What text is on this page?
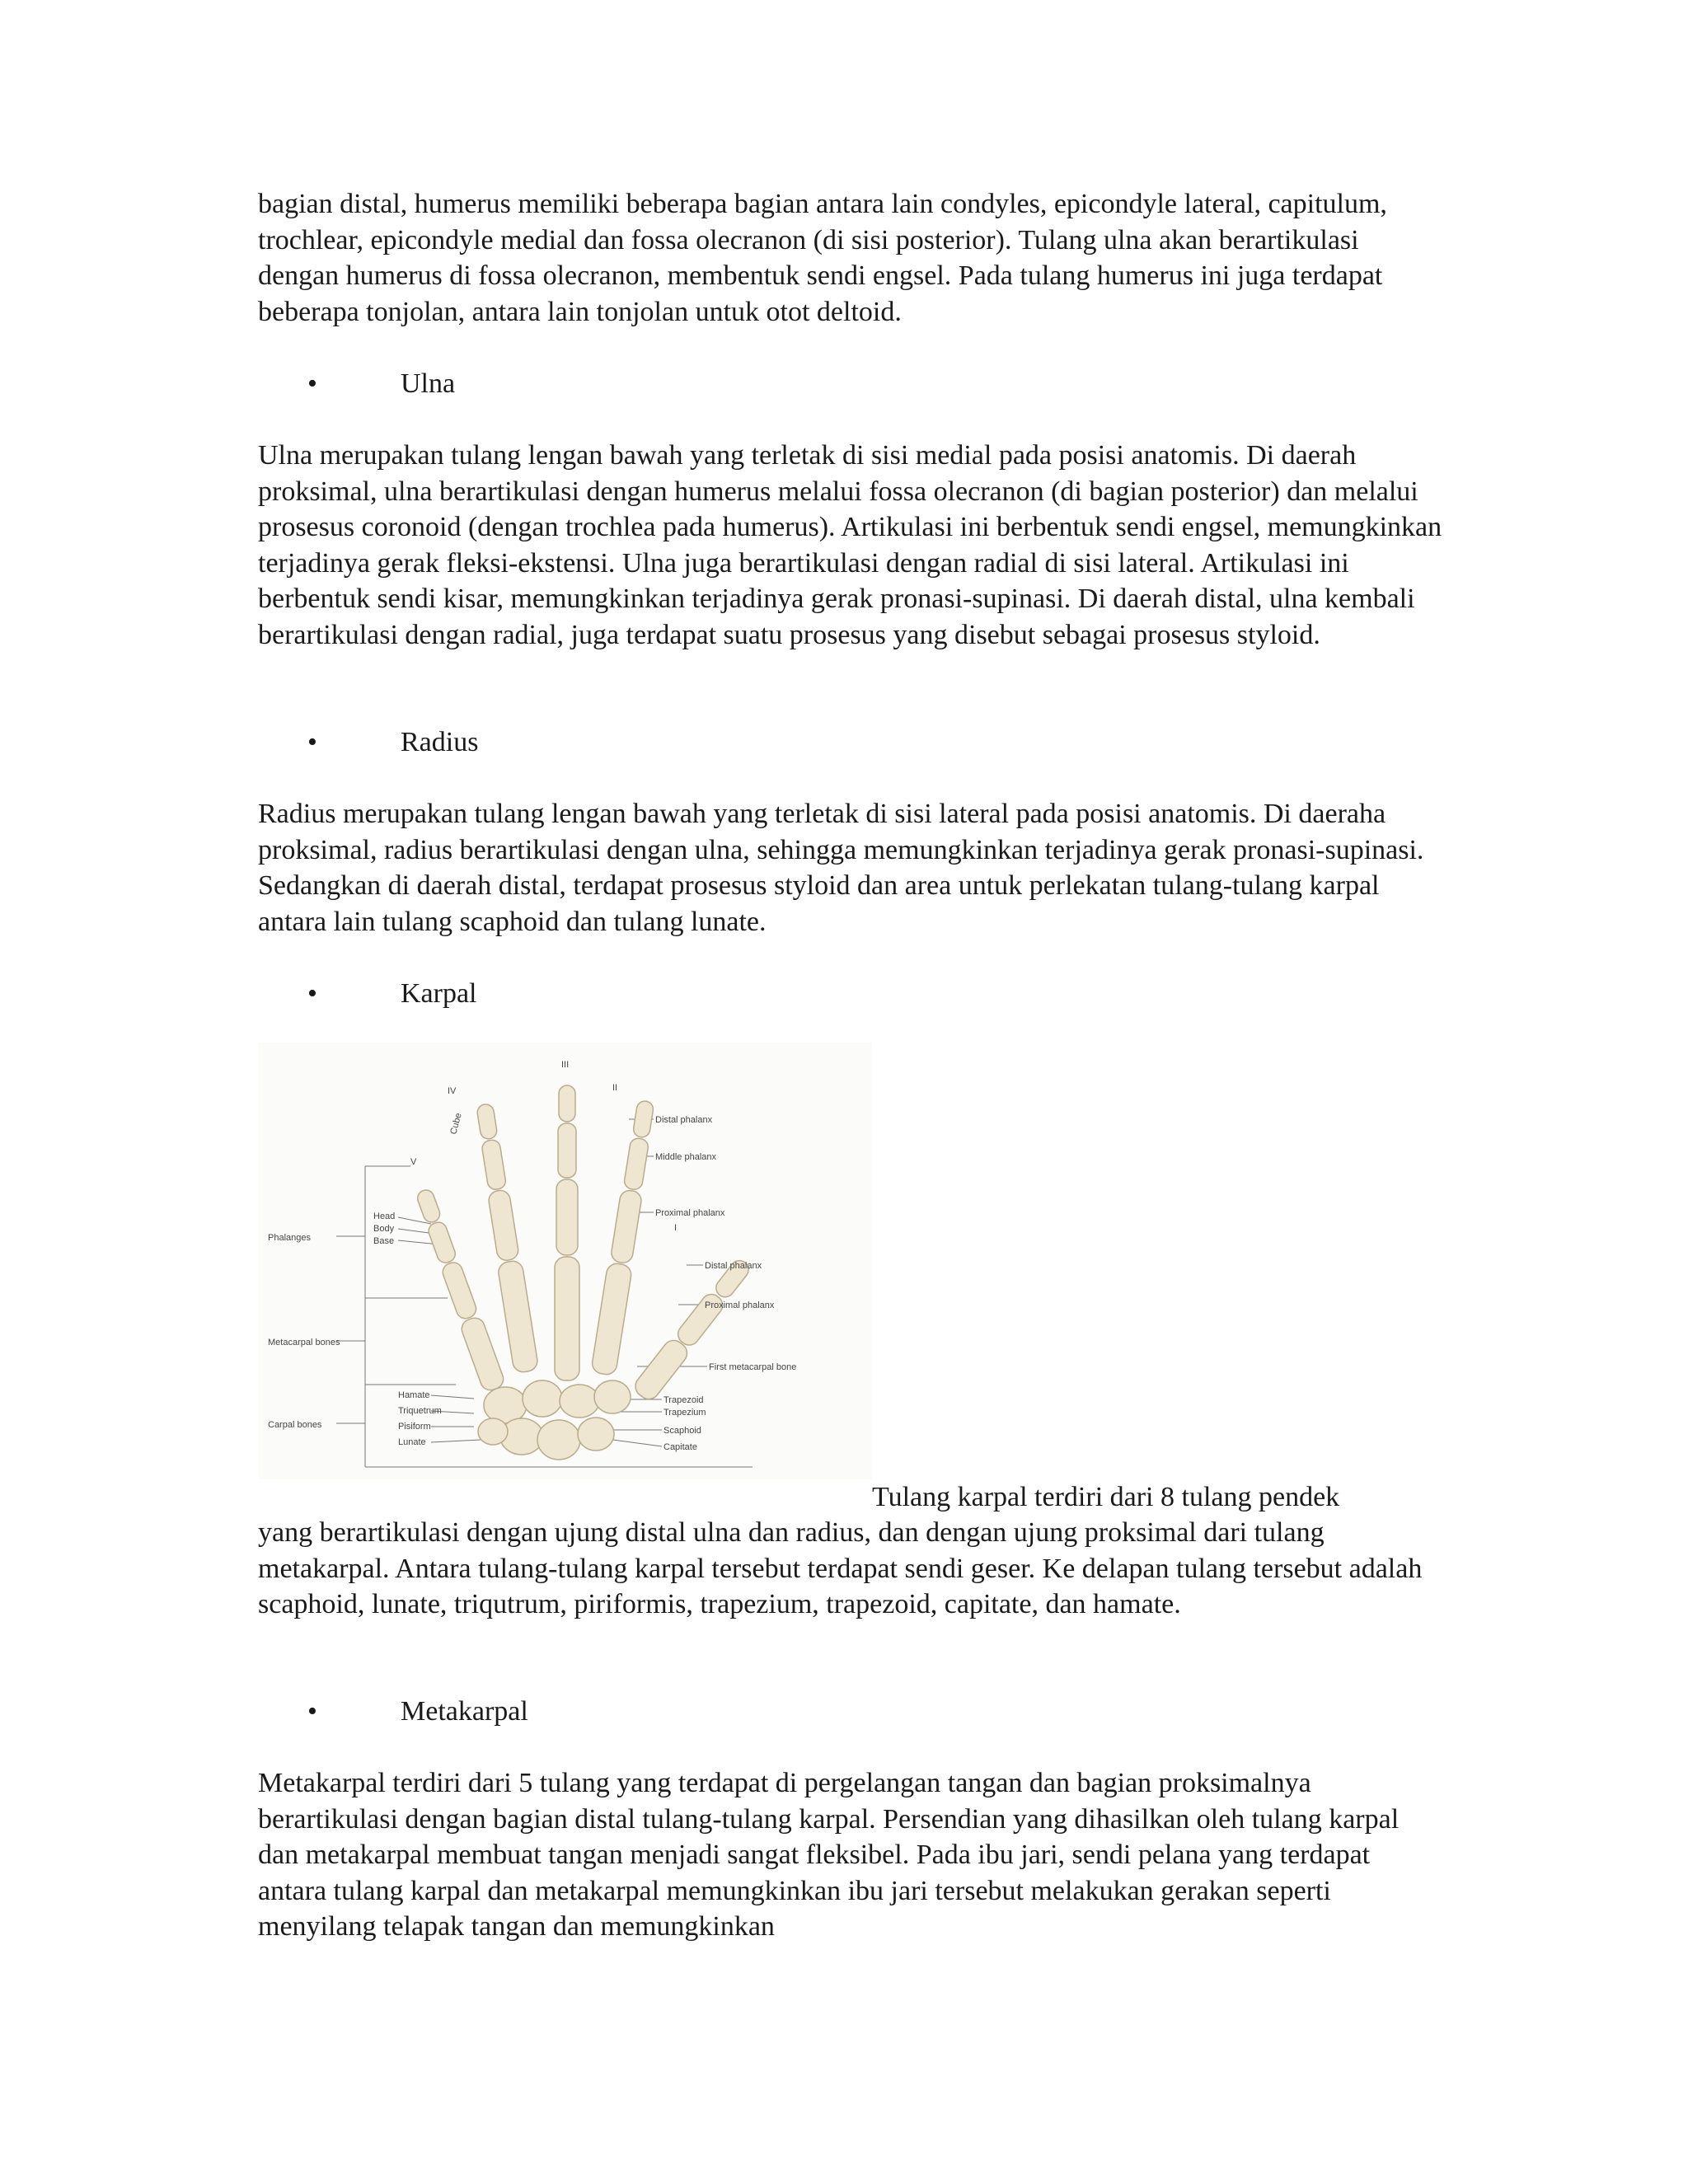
bagian distal, humerus memiliki beberapa bagian antara lain condyles, epicondyle lateral, capitulum, trochlear, epicondyle medial dan fossa olecranon (di sisi posterior). Tulang ulna akan berartikulasi dengan humerus di fossa olecranon, membentuk sendi engsel. Pada tulang humerus ini juga terdapat beberapa tonjolan, antara lain tonjolan untuk otot deltoid.

•	Ulna

Ulna merupakan tulang lengan bawah yang terletak di sisi medial pada posisi anatomis. Di daerah proksimal, ulna berartikulasi dengan humerus melalui fossa olecranon (di bagian posterior) dan melalui prosesus coronoid (dengan trochlea pada humerus). Artikulasi ini berbentuk sendi engsel, memungkinkan terjadinya gerak fleksi-ekstensi. Ulna juga berartikulasi dengan radial di sisi lateral. Artikulasi ini berbentuk sendi kisar, memungkinkan terjadinya gerak pronasi-supinasi. Di daerah distal, ulna kembali berartikulasi dengan radial, juga terdapat suatu prosesus yang disebut sebagai prosesus styloid.

•	Radius

Radius merupakan tulang lengan bawah yang terletak di sisi lateral pada posisi anatomis. Di daeraha proksimal, radius berartikulasi dengan ulna, sehingga memungkinkan terjadinya gerak pronasi-supinasi. Sedangkan di daerah distal, terdapat prosesus styloid dan area untuk perlekatan tulang-tulang karpal antara lain tulang scaphoid dan tulang lunate.

•	Karpal
IV
III
II
V
I
Cube
Phalanges
Metacarpal bones
Carpal bones
Head
Body
Base
Hamate
Triquetrum
Pisiform
Lunate
Distal phalanx
Middle phalanx
Proximal phalanx
Distal phalanx
Proximal phalanx
First metacarpal bone
Trapezoid
Trapezium
Scaphoid
Capitate

Tulang karpal terdiri dari 8 tulang pendek

yang berartikulasi dengan ujung distal ulna dan radius, dan dengan ujung proksimal dari tulang metakarpal. Antara tulang-tulang karpal tersebut terdapat sendi geser. Ke delapan tulang tersebut adalah scaphoid, lunate, triqutrum, piriformis, trapezium, trapezoid, capitate, dan hamate.

•	Metakarpal

Metakarpal terdiri dari 5 tulang yang terdapat di pergelangan tangan dan bagian proksimalnya berartikulasi dengan bagian distal tulang-tulang karpal. Persendian yang dihasilkan oleh tulang karpal dan metakarpal membuat tangan menjadi sangat fleksibel. Pada ibu jari, sendi pelana yang terdapat antara tulang karpal dan metakarpal memungkinkan ibu jari tersebut melakukan gerakan seperti menyilang telapak tangan dan memungkinkan
